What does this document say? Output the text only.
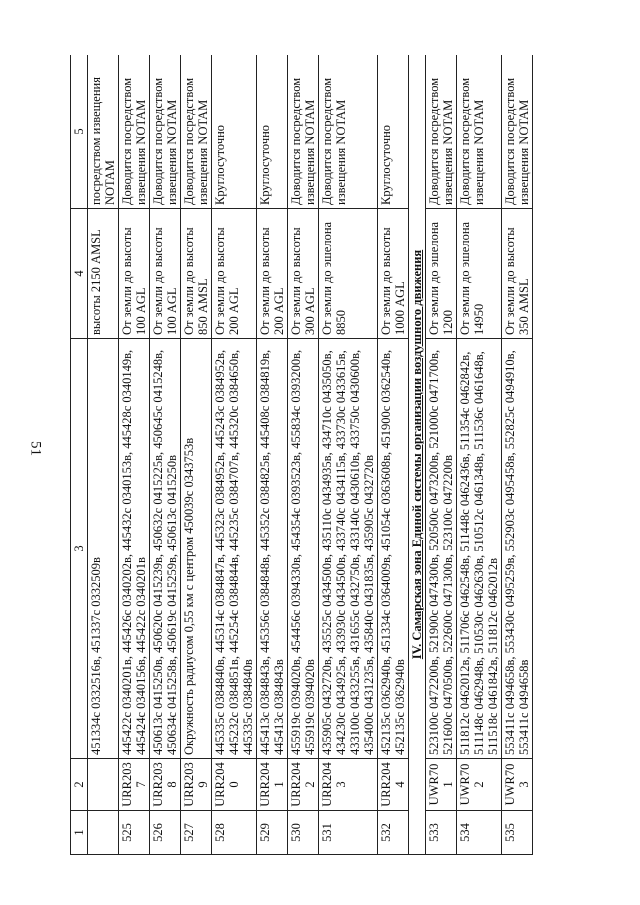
51
1	2	3	4	5
		451334с 0332516в, 451337с 0332509в	высоты 2150 AMSL	посредством извещения NOTAM
525	URR2037	445422с 0340201в, 445426с 0340202в, 445432с 0340153в, 445428с 0340149в, 445424с 0340156в, 445422с 0340201в	От земли до высоты 100 AGL	Доводится посредством извещения NOTAM
526	URR2038	450613с 0415250в, 450620с 0415239в, 450632с 0415225в, 450645с 0415248в, 450634с 0415258в, 450619с 0415259в, 450613с 0415250в	От земли до высоты 100 AGL	Доводится посредством извещения NOTAM
527	URR2039	Окружность радиусом 0,55 км с центром 450039с 0343753в	От земли до высоты 850 AMSL	Доводится посредством извещения NOTAM
528	URR2040	445335с 0384840в, 445314с 0384847в, 445323с 0384952в, 445243с 0384952в, 445232с 0384851в, 445254с 0384844в, 445235с 0384707в, 445320с 0384650в, 445335с 0384840в	От земли до высоты 200 AGL	Круглосуточно
529	URR2041	445413с 0384843в, 445356с 0384848в, 445352с 0384825в, 445408с 0384819в, 445413с 0384843в	От земли до высоты 200 AGL	Круглосуточно
530	URR2042	455919с 0394020в, 454456с 0394330в, 454354с 0393523в, 455834с 0393200в, 455919с 0394020в	От земли до высоты 300 AGL	Доводится посредством извещения NOTAM
531	URR2043	435905с 0432720в, 435525с 0434500в, 435110с 0434935в, 434710с 0435050в, 434230с 0434925в, 433930с 0434500в, 433740с 0434115в, 433730с 0433615в, 433100с 0433255в, 431655с 0432750в, 433140с 0430610в, 433750с 0430600в, 435400с 0431235в, 435840с 0431835в, 435905с 0432720в	От земли до эшелона 8850	Доводится посредством извещения NOTAM
532	URR2044	452135с 0362940в, 451334с 0364009в, 451054с 0363608в, 451900с 0362540в, 452135с 0362940в	От земли до высоты 1000 AGL	Круглосуточно
IV. Самарская зона Единой системы организации воздушного движения				
533	UWR701	523100с 0472200в, 521900с 0474300в, 520500с 0473200в, 521000с 0471700в, 521600с 0470500в, 522600с 0471300в, 523100с 0472200в	От земли до эшелона 1200	Доводится посредством извещения NOTAM
534	UWR702	511812с 0462012в, 511706с 0462548в, 511448с 0462436в, 511354с 0462842в, 511148с 0462948в, 510530с 0462630в, 510512с 0461348в, 511536с 0461648в, 511518с 0461842в, 511812с 0462012в	От земли до эшелона 14950	Доводится посредством извещения NOTAM
535	UWR703	553411с 0494658в, 553430с 0495259в, 552903с 0495458в, 552825с 0494910в, 553411с 0494658в	От земли до высоты 350 AMSL	Доводится посредством извещения NOTAM
